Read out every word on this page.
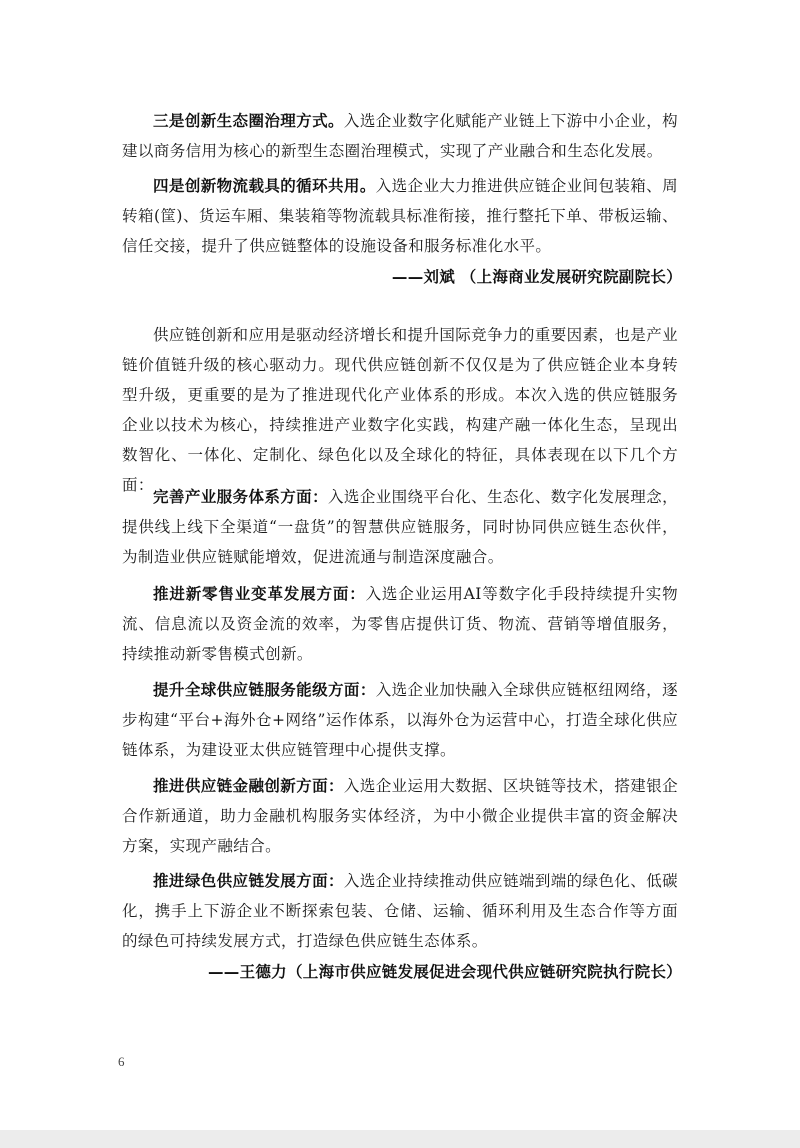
三是创新生态圈治理方式。入选企业数字化赋能产业链上下游中小企业，构建以商务信用为核心的新型生态圈治理模式，实现了产业融合和生态化发展。

四是创新物流载具的循环共用。入选企业大力推进供应链企业间包装箱、周转箱(筐)、货运车厢、集装箱等物流载具标准衔接，推行整托下单、带板运输、信任交接，提升了供应链整体的设施设备和服务标准化水平。

——刘斌 （上海商业发展研究院副院长）

供应链创新和应用是驱动经济增长和提升国际竞争力的重要因素，也是产业链价值链升级的核心驱动力。现代供应链创新不仅仅是为了供应链企业本身转型升级，更重要的是为了推进现代化产业体系的形成。本次入选的供应链服务企业以技术为核心，持续推进产业数字化实践，构建产融一体化生态，呈现出数智化、一体化、定制化、绿色化以及全球化的特征，具体表现在以下几个方面：

完善产业服务体系方面：入选企业围绕平台化、生态化、数字化发展理念，提供线上线下全渠道“一盘货”的智慧供应链服务，同时协同供应链生态伙伴，为制造业供应链赋能增效，促进流通与制造深度融合。

推进新零售业变革发展方面：入选企业运用AI等数字化手段持续提升实物流、信息流以及资金流的效率，为零售店提供订货、物流、营销等增值服务，持续推动新零售模式创新。

提升全球供应链服务能级方面：入选企业加快融入全球供应链枢纽网络，逐步构建“平台+海外仓+网络”运作体系，以海外仓为运营中心，打造全球化供应链体系，为建设亚太供应链管理中心提供支撑。

推进供应链金融创新方面：入选企业运用大数据、区块链等技术，搭建银企合作新通道，助力金融机构服务实体经济，为中小微企业提供丰富的资金解决方案，实现产融结合。

推进绿色供应链发展方面：入选企业持续推动供应链端到端的绿色化、低碳化，携手上下游企业不断探索包装、仓储、运输、循环利用及生态合作等方面的绿色可持续发展方式，打造绿色供应链生态体系。

——王德力（上海市供应链发展促进会现代供应链研究院执行院长）

6
